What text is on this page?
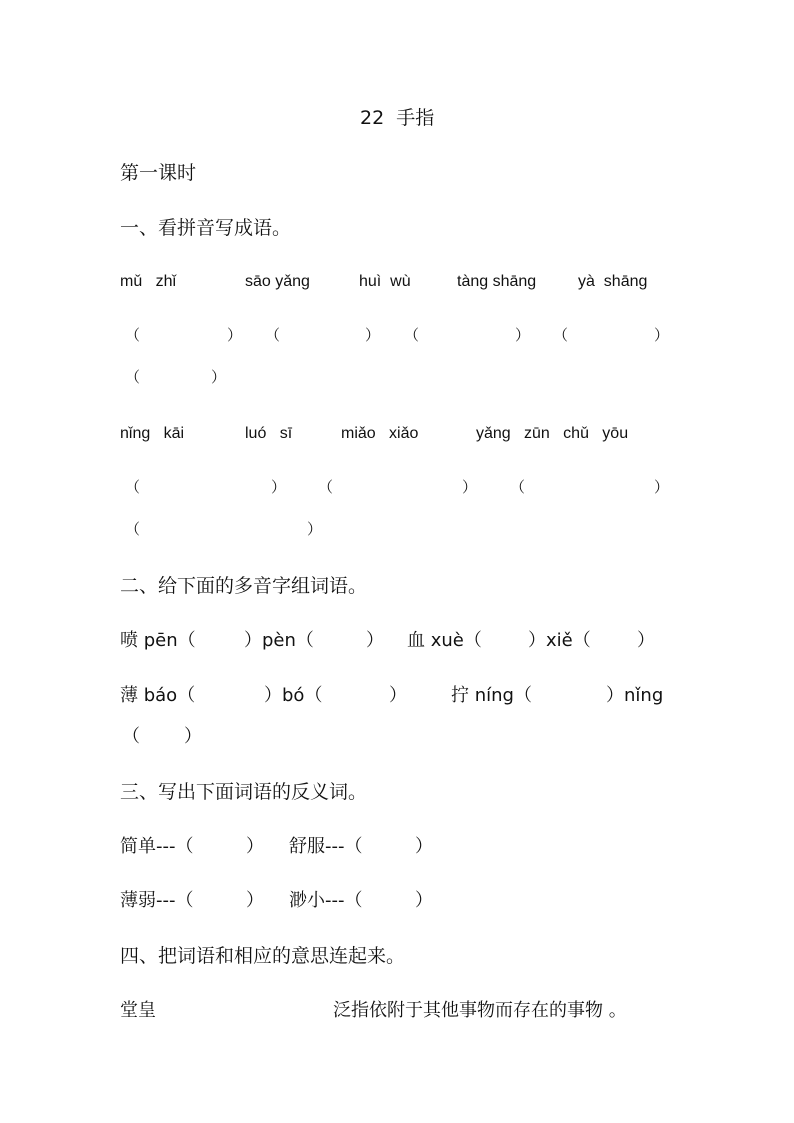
22  手指
第一课时
一、看拼音写成语。
mǔ   zhǐ	sāo yǎng	huì  wù	tàng shāng	yà  shāng
（	） （	） （	） （	）
（	）
nǐng   kāi	luó   sī	miǎo   xiǎo	yǎng   zūn   chǔ   yōu
（	） （	） （	）
（	）
二、给下面的多音字组词语。
喷 pēn（	）pèn（	） 血 xuè（	）xiě（	）
薄 báo（	）bó（	） 拧 níng（	）nǐng
（ ）
三、写出下面词语的反义词。
简单---（	） 舒服---（	）
薄弱---（	） 渺小---（	）
四、把词语和相应的意思连起来。
堂皇	泛指依附于其他事物而存在的事物 。
